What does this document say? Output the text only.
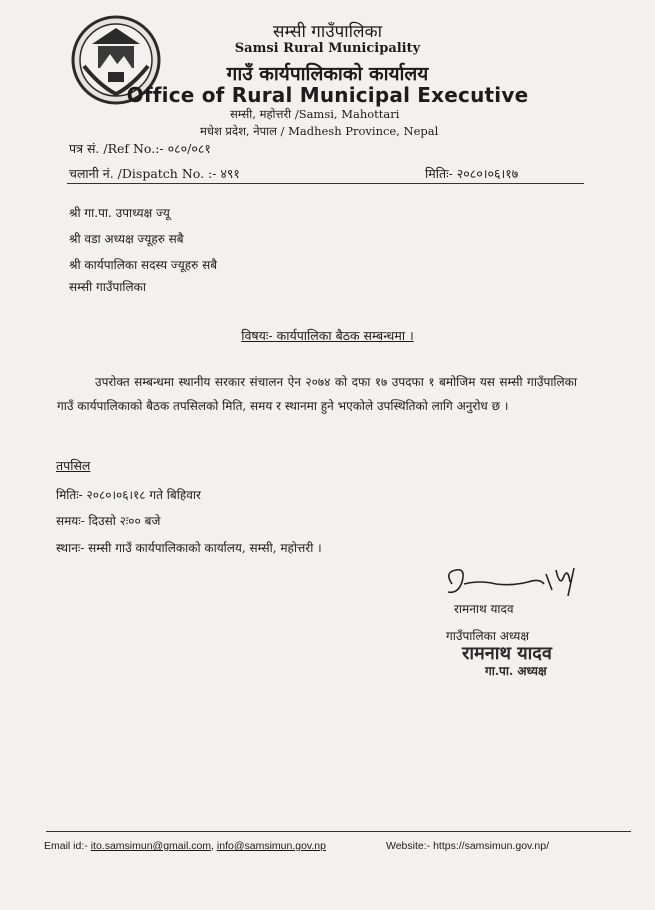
सम्सी गाउँपालिका
Samsi Rural Municipality
गाउँ कार्यपालिकाको कार्यालय
Office of Rural Municipal Executive
सम्सी, महोत्तरी /Samsi, Mahottari
मधेश प्रदेश, नेपाल / Madhesh Province, Nepal
पत्र सं. /Ref No.:- ०८०/०८१
चलानी नं. /Dispatch No. :- ४९१	मितिः- २०८०।०६।१७
श्री गा.पा. उपाध्यक्ष ज्यू
श्री वडा अध्यक्ष ज्यूहरु सबै
श्री कार्यपालिका सदस्य ज्यूहरु सबै
सम्सी गाउँपालिका
विषयः- कार्यपालिका बैठक सम्बन्धमा ।
उपरोक्त सम्बन्धमा स्थानीय सरकार संचालन ऐन २०७४ को दफा १७ उपदफा १ बमोजिम यस सम्सी गाउँपालिका गाउँ कार्यपालिकाको बैठक तपसिलको मिति, समय र स्थानमा हुने भएकोले उपस्थितिको लागि अनुरोध छ ।
तपसिल
मितिः- २०८०।०६।१८ गते बिहिवार
समयः- दिउसो २ः०० बजे
स्थानः- सम्सी गाउँ कार्यपालिकाको कार्यालय, सम्सी, महोत्तरी ।
रामनाथ यादव
गाउँपालिका अध्यक्ष
रामनाथ यादव
गा.पा. अध्यक्ष
Email id:- ito.samsimun@gmail.com, info@samsimun.gov.np	Website:- https://samsimun.gov.np/
